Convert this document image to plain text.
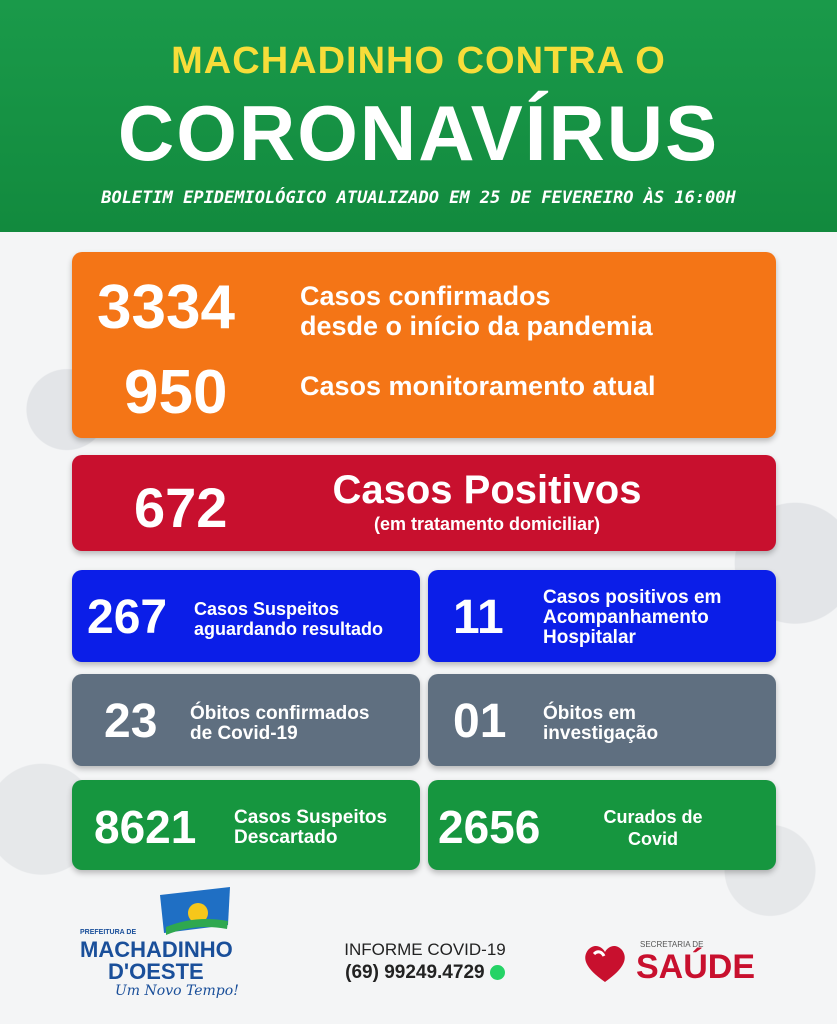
MACHADINHO CONTRA O
CORONAVÍRUS
BOLETIM EPIDEMIOLÓGICO ATUALIZADO EM 25 DE FEVEREIRO ÀS 16:00H
3334 Casos confirmados
desde o início da pandemia
950	Casos monitoramento atual
672	Casos Positivos
(em tratamento domiciliar)
267 Casos Suspeitos
aguardando resultado 11 Casos positivos em
Acompanhamento
Hospitalar
23 Óbitos confirmados
de Covid-19	01 Óbitos em
investigação
8621 Casos Suspeitos
Descartado 2656	Curados de
Covid
PREFEITURA DE
MACHADINHO
D'OESTE
Um Novo Tempo!
INFORME COVID-19
(69) 99249.4729
SECRETARIA DE
SAÚDE
